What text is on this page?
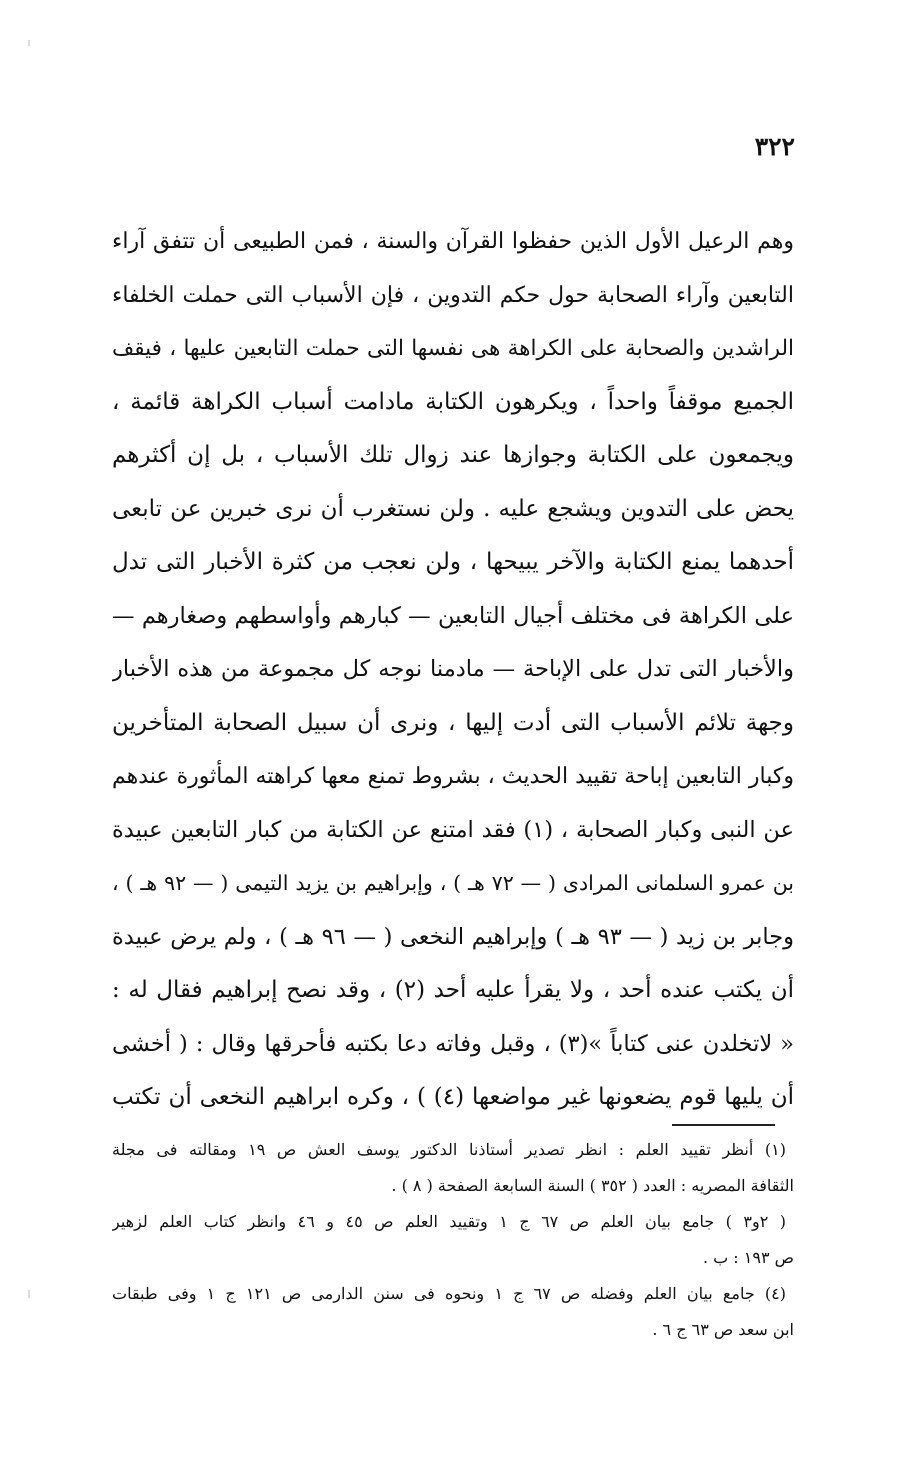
٣٢٢
وهم الرعيل الأول الذين حفظوا القرآن والسنة ، فمن الطبيعى أن تتفق آراء
التابعين وآراء الصحابة حول حكم التدوين ، فإن الأسباب التى حملت الخلفاء
الراشدين والصحابة على الكراهة هى نفسها التى حملت التابعين عليها ، فيقف
الجميع موقفاً واحداً ، ويكرهون الكتابة مادامت أسباب الكراهة قائمة ،
ويجمعون على الكتابة وجوازها عند زوال تلك الأسباب ، بل إن أكثرهم
يحض على التدوين ويشجع عليه . ولن نستغرب أن نرى خبرين عن تابعى
أحدهما يمنع الكتابة والآخر يبيحها ، ولن نعجب من كثرة الأخبار التى تدل
على الكراهة فى مختلف أجيال التابعين — كبارهم وأواسطهم وصغارهم —
والأخبار التى تدل على الإباحة — مادمنا نوجه كل مجموعة من هذه الأخبار
وجهة تلائم الأسباب التى أدت إليها ، ونرى أن سبيل الصحابة المتأخرين
وكبار التابعين إباحة تقييد الحديث ، بشروط تمنع معها كراهته المأثورة عندهم
عن النبى وكبار الصحابة ، (١) فقد امتنع عن الكتابة من كبار التابعين عبيدة
بن عمرو السلمانى المرادى ( — ٧٢ هـ ) ، وإبراهيم بن يزيد التيمى ( — ٩٢ هـ ) ،
وجابر بن زيد ( — ٩٣ هـ ) وإبراهيم النخعى ( — ٩٦ هـ ) ، ولم يرض عبيدة
أن يكتب عنده أحد ، ولا يقرأ عليه أحد (٢) ، وقد نصح إبراهيم فقال له :
« لاتخلدن عنى كتاباً »(٣) ، وقبل وفاته دعا بكتبه فأحرقها وقال : ( أخشى
أن يليها قوم يضعونها غير مواضعها (٤) ) ، وكره ابراهيم النخعى أن تكتب
(١) أنظر تقييد العلم : انظر تصدير أستاذنا الدكتور يوسف العش ص ١٩ ومقالته فى مجلة
الثقافة المصريه : العدد ( ٣٥٢ ) السنة السابعة الصفحة ( ٨ ) .
( ٢و٣ ) جامع بيان العلم ص ٦٧ ج ١ وتقييد العلم ص ٤٥ و ٤٦ وانظر كتاب العلم لزهير
ص ١٩٣ : ب .
(٤) جامع بيان العلم وفضله ص ٦٧ ج ١ ونحوه فى سنن الدارمى ص ١٢١ ج ١ وفى طبقات
ابن سعد ص ٦٣ ج ٦ .
